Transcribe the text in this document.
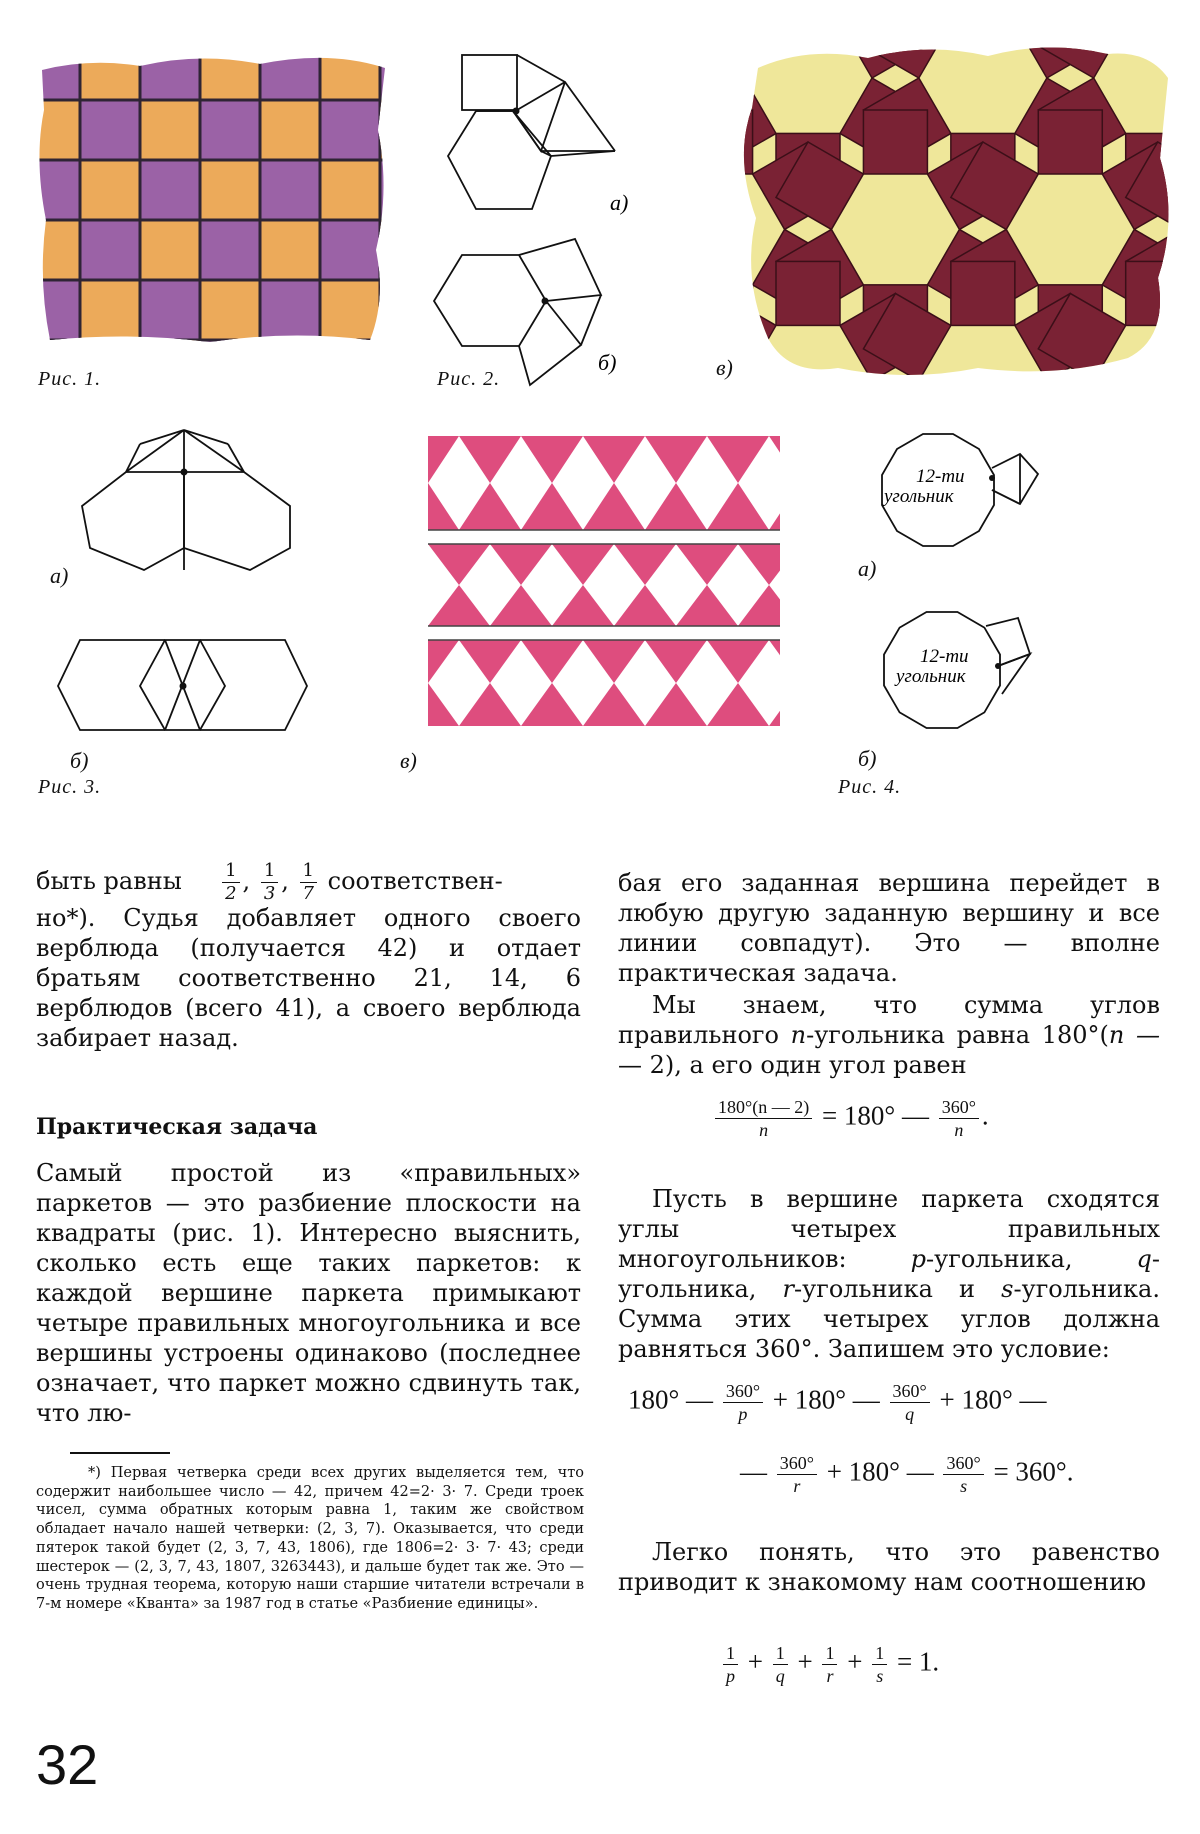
Рис. 1.
а)
б)
Рис. 2.	в)
а)
б)
Рис. 3.
в)
12-ти
угольник
12-ти
угольник
а)
б)
Рис. 4.

быть равны $\frac{1}{2}$ , $\frac{1}{3}$ , $\frac{1}{7}$ соответствен-

но*). Судья добавляет одного своего верблюда (получается 42) и отдает братьям соответственно 21, 14, 6 верблюдов (всего 41), а своего верблюда забирает назад.

Практическая задача
Самый простой из «правильных» паркетов — это разбиение плоскости на квадраты (рис. 1). Интересно выяснить, сколько есть еще таких паркетов: к каждой вершине паркета примыкают четыре правильных многоугольника и все вершины устроены одинаково (последнее означает, что паркет можно сдвинуть так, что лю-
*) Первая четверка среди всех других выделяется тем, что содержит наибольшее число — 42, причем 42=2· 3· 7. Среди троек чисел, сумма обратных которым равна 1, таким же свойством обладает начало нашей четверки: (2, 3, 7). Оказывается, что среди пятерок такой будет (2, 3, 7, 43, 1806), где 1806=2· 3· 7· 43; среди шестерок — (2, 3, 7, 43, 1807, 3263443), и дальше будет так же. Это — очень трудная теорема, которую наши старшие читатели встречали в 7-м номере «Кванта» за 1987 год в статье «Разбиение единицы».
32
бая его заданная вершина перейдет в любую другую заданную вершину и все линии совпадут). Это — вполне практическая задача.
Мы знаем, что сумма углов правильного n-угольника равна 180°(n — — 2), а его один угол равен
$\frac{180^\circ(n — 2)}{n} = 180^\circ$ — $\frac{360^\circ}{n}$ .
Пусть в вершине паркета сходятся углы четырех правильных многоугольников: p-угольника, q-угольника, r-угольника и s-угольника. Сумма этих четырех углов должна равняться 360°. Запишем это условие:
180° — $\frac{360^\circ}{p} + 180^\circ$ — $\frac{360^\circ}{q} + 180^\circ$ —
— $\frac{360^\circ}{r} + 180^\circ$ — $\frac{360^\circ}{s} = 360^\circ$.
Легко понять, что это равенство приводит к знакомому нам соотношению
$\frac{1}{p} + \frac{1}{q} + \frac{1}{r} + \frac{1}{s} = 1$.
